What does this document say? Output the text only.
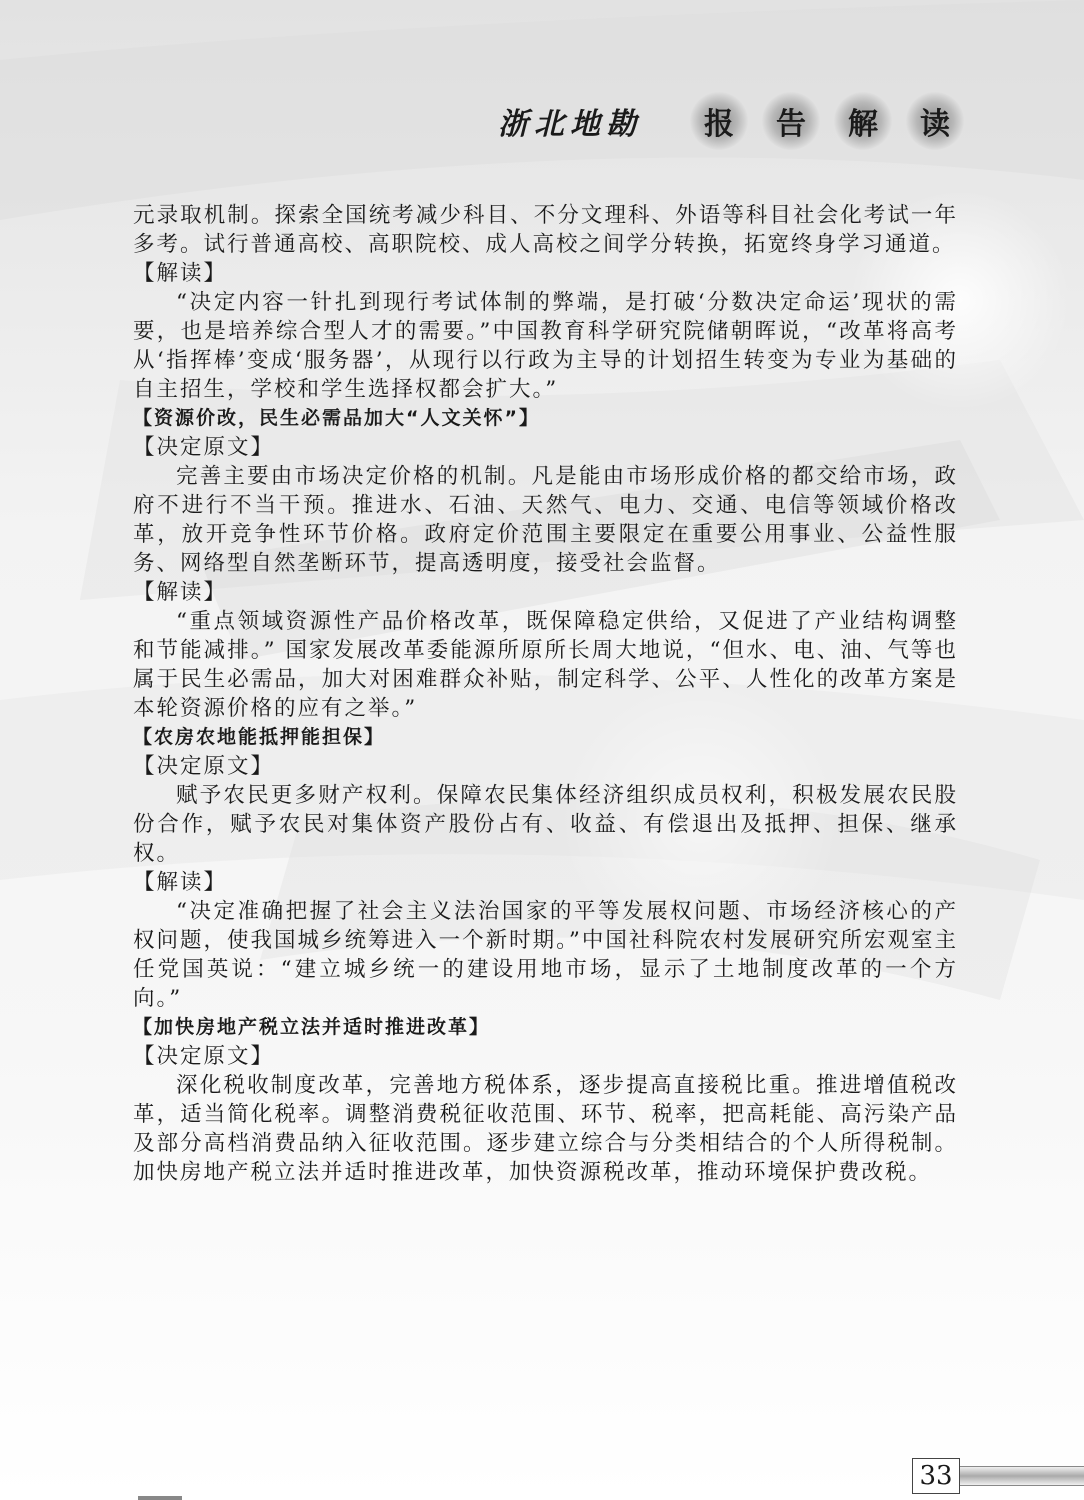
浙北地勘	报	告	解	读

元录取机制。探索全国统考减少科目、不分文理科、外语等科目社会化考试一年多考。试行普通高校、高职院校、成人高校之间学分转换，拓宽终身学习通道。

【解读】

“决定内容一针扎到现行考试体制的弊端，是打破‘分数决定命运’现状的需要，也是培养综合型人才的需要。”中国教育科学研究院储朝晖说，“改革将高考从‘指挥棒’变成‘服务器’，从现行以行政为主导的计划招生转变为专业为基础的自主招生，学校和学生选择权都会扩大。”

【资源价改，民生必需品加大“人文关怀”】

【决定原文】

完善主要由市场决定价格的机制。凡是能由市场形成价格的都交给市场，政府不进行不当干预。推进水、石油、天然气、电力、交通、电信等领域价格改革，放开竞争性环节价格。政府定价范围主要限定在重要公用事业、公益性服务、网络型自然垄断环节，提高透明度，接受社会监督。

【解读】

“重点领域资源性产品价格改革，既保障稳定供给，又促进了产业结构调整和节能减排。” 国家发展改革委能源所原所长周大地说，“但水、电、油、气等也属于民生必需品，加大对困难群众补贴，制定科学、公平、人性化的改革方案是本轮资源价格的应有之举。”

【农房农地能抵押能担保】

【决定原文】

赋予农民更多财产权利。保障农民集体经济组织成员权利，积极发展农民股份合作，赋予农民对集体资产股份占有、收益、有偿退出及抵押、担保、继承权。

【解读】

“决定准确把握了社会主义法治国家的平等发展权问题、市场经济核心的产权问题，使我国城乡统筹进入一个新时期。”中国社科院农村发展研究所宏观室主任党国英说：“建立城乡统一的建设用地市场，显示了土地制度改革的一个方向。”

【加快房地产税立法并适时推进改革】

【决定原文】

深化税收制度改革，完善地方税体系，逐步提高直接税比重。推进增值税改革，适当简化税率。调整消费税征收范围、环节、税率，把高耗能、高污染产品及部分高档消费品纳入征收范围。逐步建立综合与分类相结合的个人所得税制。加快房地产税立法并适时推进改革，加快资源税改革，推动环境保护费改税。

33
